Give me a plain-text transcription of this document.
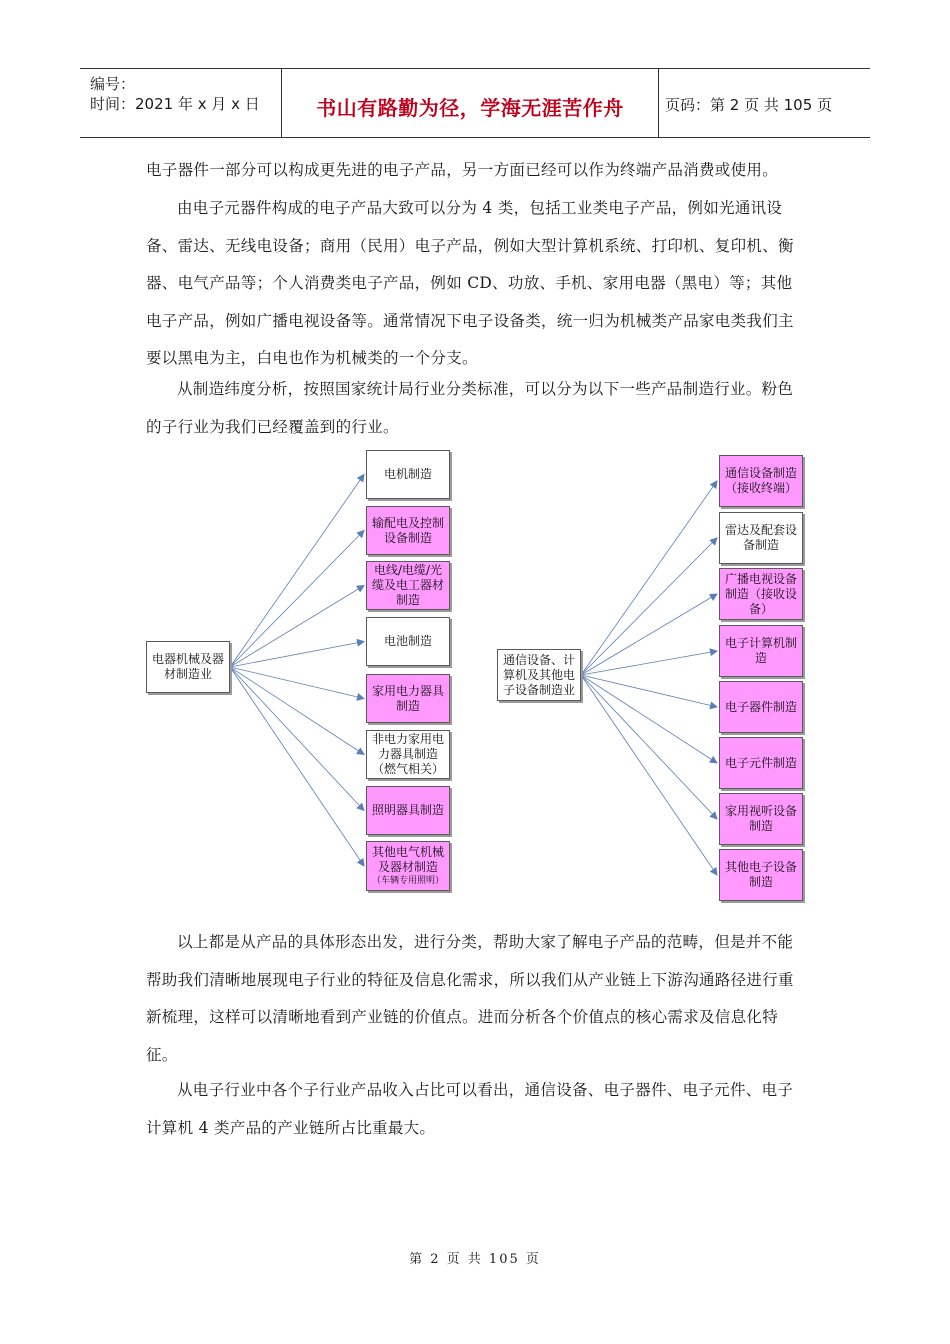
编号：
时间：2021 年 x 月 x 日	书山有路勤为径，学海无涯苦作舟	页码：第 2 页 共 105 页

电子器件一部分可以构成更先进的电子产品，另一方面已经可以作为终端产品消费或使用。

由电子元器件构成的电子产品大致可以分为 4 类，包括工业类电子产品，例如光通讯设备、雷达、无线电设备；商用（民用）电子产品，例如大型计算机系统、打印机、复印机、衡器、电气产品等；个人消费类电子产品，例如 CD、功放、手机、家用电器（黑电）等；其他电子产品，例如广播电视设备等。通常情况下电子设备类，统一归为机械类产品家电类我们主要以黑电为主，白电也作为机械类的一个分支。

从制造纬度分析，按照国家统计局行业分类标准，可以分为以下一些产品制造行业。粉色的子行业为我们已经覆盖到的行业。

电器机械及器材制造业
通信设备、计算机及其他电子设备制造业
电机制造
输配电及控制设备制造
电线/电缆/光缆及电工器材制造
电池制造
家用电力器具制造
非电力家用电力器具制造（燃气相关）
照明器具制造
其他电气机械及器材制造
（车辆专用照明）
通信设备制造（接收终端）
雷达及配套设备制造
广播电视设备制造（接收设备）
电子计算机制造
电子器件制造
电子元件制造
家用视听设备制造
其他电子设备制造

以上都是从产品的具体形态出发，进行分类，帮助大家了解电子产品的范畴，但是并不能帮助我们清晰地展现电子行业的特征及信息化需求，所以我们从产业链上下游沟通路径进行重新梳理，这样可以清晰地看到产业链的价值点。进而分析各个价值点的核心需求及信息化特征。

从电子行业中各个子行业产品收入占比可以看出，通信设备、电子器件、电子元件、电子计算机 4 类产品的产业链所占比重最大。

第 2 页 共 105 页
